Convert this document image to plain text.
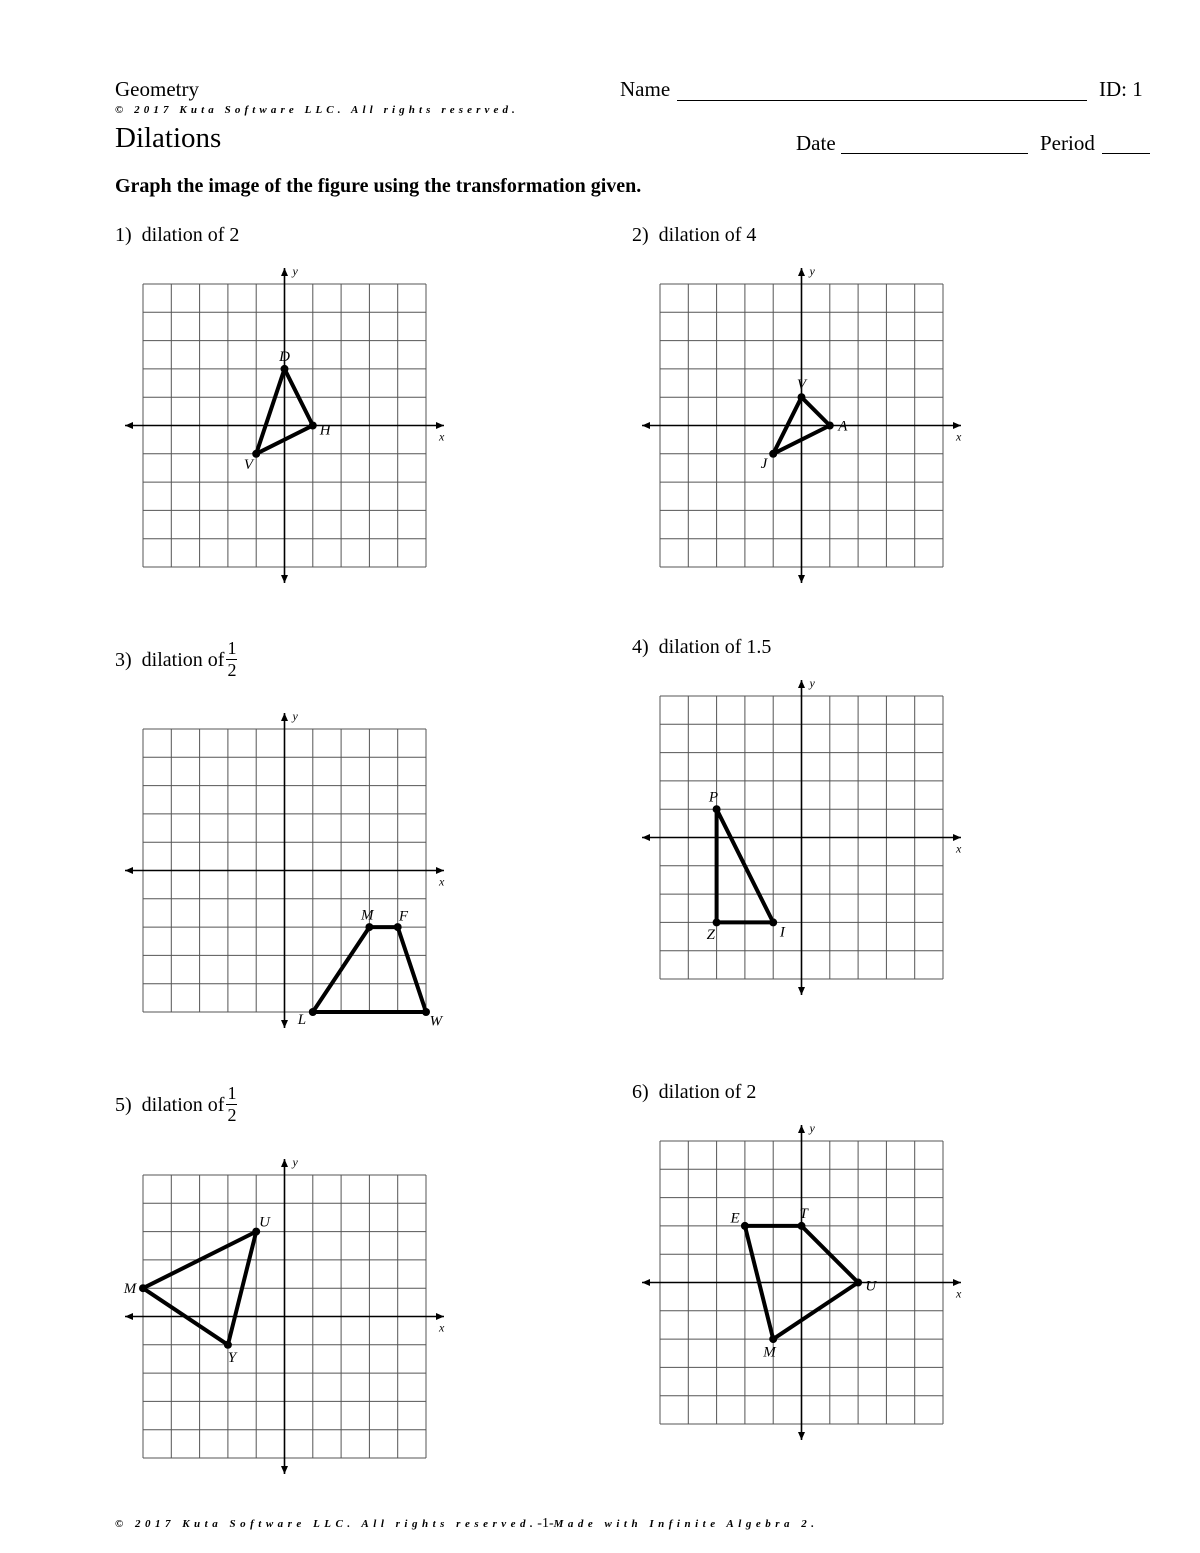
Geometry	Name	ID: 1
© 2017 Kuta Software LLC. All rights reserved.
Dilations	Date	Period
Graph the image of the figure using the transformation given.
1) dilation of 2	2) dilation of 4
3) dilation of $\frac{1}{2}$	4) dilation of 1.5
5) dilation of $\frac{1}{2}$	6) dilation of 2
x
y
D
H
V
x
y
V
A
J
x
y
M F
W
L
x
y
P
I
Z
x
y
U
Y
M	x
y
E	T
U
M
© 2017 Kuta Software LLC. All rights reserved.-1-Made with Infinite Algebra 2.
